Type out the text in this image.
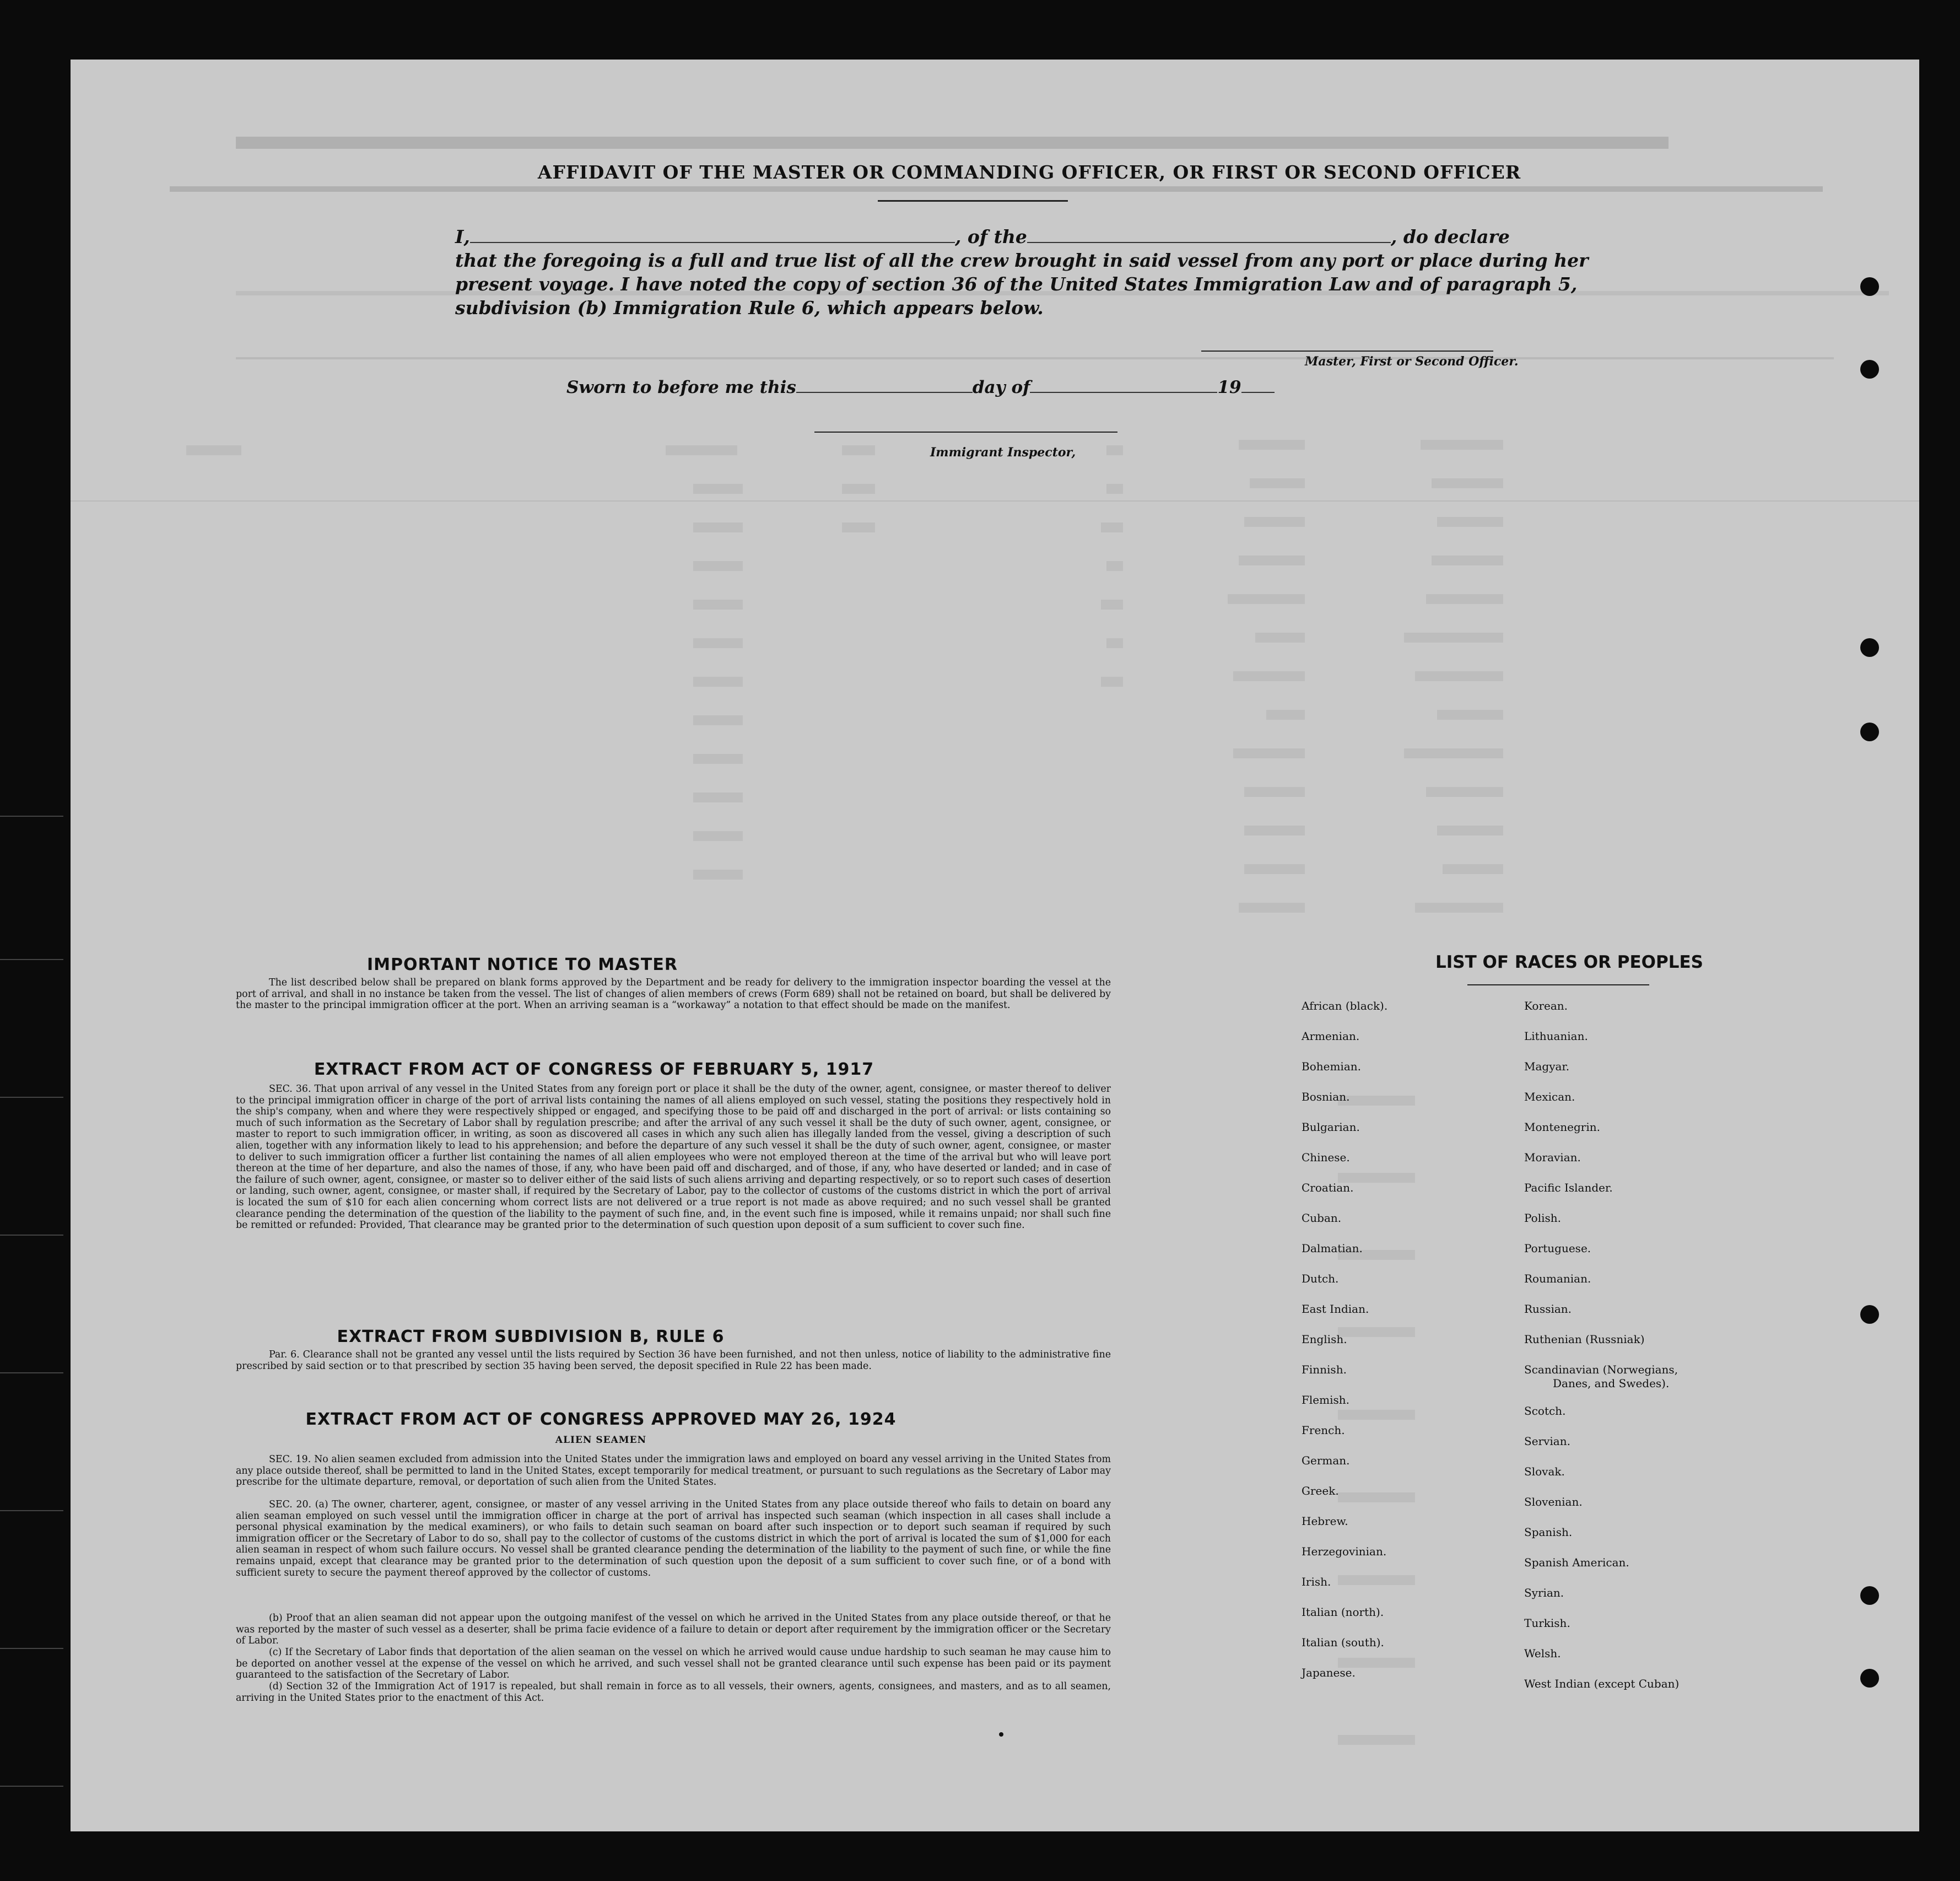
AFFIDAVIT OF THE MASTER OR COMMANDING OFFICER, OR FIRST OR SECOND OFFICER
I,	, of the	, do declare
that the foregoing is a full and true list of all the crew brought in said vessel from any port or place during her
present voyage. I have noted the copy of section 36 of the United States Immigration Law and of paragraph 5,
subdivision (b) Immigration Rule 6, which appears below.
Master, First or Second Officer.
Sworn to before me this	day of	19
Immigrant Inspector,
IMPORTANT NOTICE TO MASTER
The list described below shall be prepared on blank forms approved by the Department and be ready for delivery to the immigration inspector boarding the vessel at the port of arrival, and shall in no instance be taken from the vessel. The list of changes of alien members of crews (Form 689) shall not be retained on board, but shall be delivered by the master to the principal immigration officer at the port. When an arriving seaman is a “workaway” a notation to that effect should be made on the manifest.
EXTRACT FROM ACT OF CONGRESS OF FEBRUARY 5, 1917
SEC. 36. That upon arrival of any vessel in the United States from any foreign port or place it shall be the duty of the owner, agent, consignee, or master thereof to deliver to the principal immigration officer in charge of the port of arrival lists containing the names of all aliens employed on such vessel, stating the positions they respectively hold in the ship's company, when and where they were respectively shipped or engaged, and specifying those to be paid off and discharged in the port of arrival: or lists containing so much of such information as the Secretary of Labor shall by regulation prescribe; and after the arrival of any such vessel it shall be the duty of such owner, agent, consignee, or master to report to such immigration officer, in writing, as soon as discovered all cases in which any such alien has illegally landed from the vessel, giving a description of such alien, together with any information likely to lead to his apprehension; and before the departure of any such vessel it shall be the duty of such owner, agent, consignee, or master to deliver to such immigration officer a further list containing the names of all alien employees who were not employed thereon at the time of the arrival but who will leave port thereon at the time of her departure, and also the names of those, if any, who have been paid off and discharged, and of those, if any, who have deserted or landed; and in case of the failure of such owner, agent, consignee, or master so to deliver either of the said lists of such aliens arriving and departing respectively, or so to report such cases of desertion or landing, such owner, agent, consignee, or master shall, if required by the Secretary of Labor, pay to the collector of customs of the customs district in which the port of arrival is located the sum of $10 for each alien concerning whom correct lists are not delivered or a true report is not made as above required; and no such vessel shall be granted clearance pending the determination of the question of the liability to the payment of such fine, and, in the event such fine is imposed, while it remains unpaid; nor shall such fine be remitted or refunded: Provided, That clearance may be granted prior to the determination of such question upon deposit of a sum sufficient to cover such fine.
EXTRACT FROM SUBDIVISION B, RULE 6
Par. 6. Clearance shall not be granted any vessel until the lists required by Section 36 have been furnished, and not then unless, notice of liability to the administrative fine prescribed by said section or to that prescribed by section 35 having been served, the deposit specified in Rule 22 has been made.
EXTRACT FROM ACT OF CONGRESS APPROVED MAY 26, 1924
ALIEN SEAMEN
SEC. 19. No alien seamen excluded from admission into the United States under the immigration laws and employed on board any vessel arriving in the United States from any place outside thereof, shall be permitted to land in the United States, except temporarily for medical treatment, or pursuant to such regulations as the Secretary of Labor may prescribe for the ultimate departure, removal, or deportation of such alien from the United States.
SEC. 20. (a) The owner, charterer, agent, consignee, or master of any vessel arriving in the United States from any place outside thereof who fails to detain on board any alien seaman employed on such vessel until the immigration officer in charge at the port of arrival has inspected such seaman (which inspection in all cases shall include a personal physical examination by the medical examiners), or who fails to detain such seaman on board after such inspection or to deport such seaman if required by such immigration officer or the Secretary of Labor to do so, shall pay to the collector of customs of the customs district in which the port of arrival is located the sum of $1,000 for each alien seaman in respect of whom such failure occurs. No vessel shall be granted clearance pending the determination of the liability to the payment of such fine, or while the fine remains unpaid, except that clearance may be granted prior to the determination of such question upon the deposit of a sum sufficient to cover such fine, or of a bond with sufficient surety to secure the payment thereof approved by the collector of customs.
(b) Proof that an alien seaman did not appear upon the outgoing manifest of the vessel on which he arrived in the United States from any place outside thereof, or that he was reported by the master of such vessel as a deserter, shall be prima facie evidence of a failure to detain or deport after requirement by the immigration officer or the Secretary of Labor.
(c) If the Secretary of Labor finds that deportation of the alien seaman on the vessel on which he arrived would cause undue hardship to such seaman he may cause him to be deported on another vessel at the expense of the vessel on which he arrived, and such vessel shall not be granted clearance until such expense has been paid or its payment guaranteed to the satisfaction of the Secretary of Labor.
(d) Section 32 of the Immigration Act of 1917 is repealed, but shall remain in force as to all vessels, their owners, agents, consignees, and masters, and as to all seamen, arriving in the United States prior to the enactment of this Act.
LIST OF RACES OR PEOPLES
African (black).
Armenian.
Bohemian.
Bosnian.
Bulgarian.
Chinese.
Croatian.
Cuban.
Dalmatian.
Dutch.
East Indian.
English.
Finnish.
Flemish.
French.
German.
Greek.
Hebrew.
Herzegovinian.
Irish.
Italian (north).
Italian (south).
Japanese.
Korean.
Lithuanian.
Magyar.
Mexican.
Montenegrin.
Moravian.
Pacific Islander.
Polish.
Portuguese.
Roumanian.
Russian.
Ruthenian (Russniak)
Scandinavian (Norwegians,
Danes, and Swedes).
Scotch.
Servian.
Slovak.
Slovenian.
Spanish.
Spanish American.
Syrian.
Turkish.
Welsh.
West Indian (except Cuban)
